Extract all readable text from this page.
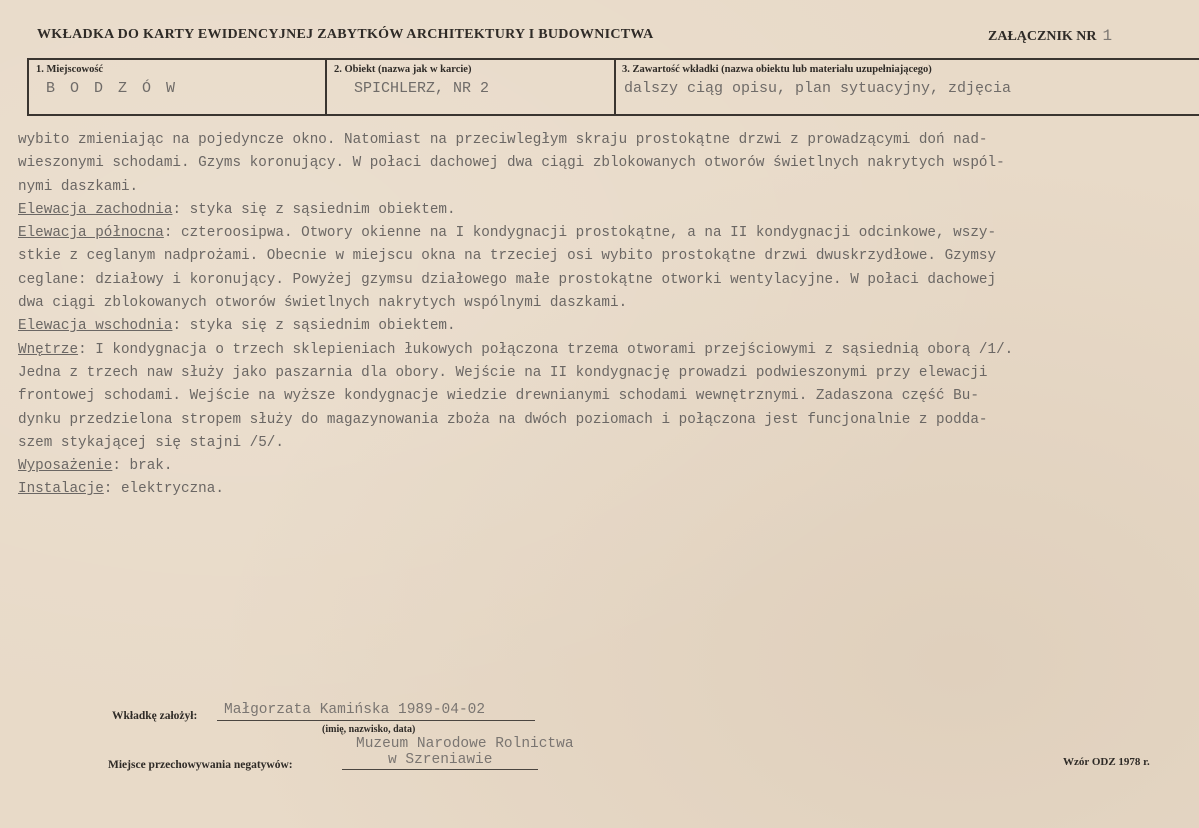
WKŁADKA DO KARTY EWIDENCYJNEJ ZABYTKÓW ARCHITEKTURY I BUDOWNICTWA	ZAŁĄCZNIK NR 1
1. Miejscowość
B O D Z Ó W
2. Obiekt (nazwa jak w karcie)
SPICHLERZ, NR 2
3. Zawartość wkładki (nazwa obiektu lub materiału uzupełniającego)
dalszy ciąg opisu, plan sytuacyjny, zdjęcia
wybito zmieniając na pojedyncze okno. Natomiast na przeciwległym skraju prostokątne drzwi z prowadzącymi doń nad-
wieszonymi schodami. Gzyms koronujący. W połaci dachowej dwa ciągi zblokowanych otworów świetlnych nakrytych wspól-
nymi daszkami.
Elewacja zachodnia: styka się z sąsiednim obiektem.
Elewacja północna: czteroosipwa. Otwory okienne na I kondygnacji prostokątne, a na II kondygnacji odcinkowe, wszy-
stkie z ceglanym nadprożami. Obecnie w miejscu okna na trzeciej osi wybito prostokątne drzwi dwuskrzydłowe. Gzymsy
ceglane: działowy i koronujący. Powyżej gzymsu działowego małe prostokątne otworki wentylacyjne. W połaci dachowej
dwa ciągi zblokowanych otworów świetlnych nakrytych wspólnymi daszkami.
Elewacja wschodnia: styka się z sąsiednim obiektem.
Wnętrze: I kondygnacja o trzech sklepieniach łukowych połączona trzema otworami przejściowymi z sąsiednią oborą /1/.
Jedna z trzech naw służy jako paszarnia dla obory. Wejście na II kondygnację prowadzi podwieszonymi przy elewacji
frontowej schodami. Wejście na wyższe kondygnacje wiedzie drewnianymi schodami wewnętrznymi. Zadaszona część Bu-
dynku przedzielona stropem służy do magazynowania zboża na dwóch poziomach i połączona jest funcjonalnie z podda-
szem stykającej się stajni /5/.
Wyposażenie: brak.
Instalacje: elektryczna.
Wkładkę założył: Małgorzata Kamińska 1989-04-02
(imię, nazwisko, data)
Muzeum Narodowe Rolnictwa
w Szreniawie
Miejsce przechowywania negatywów:	Wzór ODZ 1978 r.
